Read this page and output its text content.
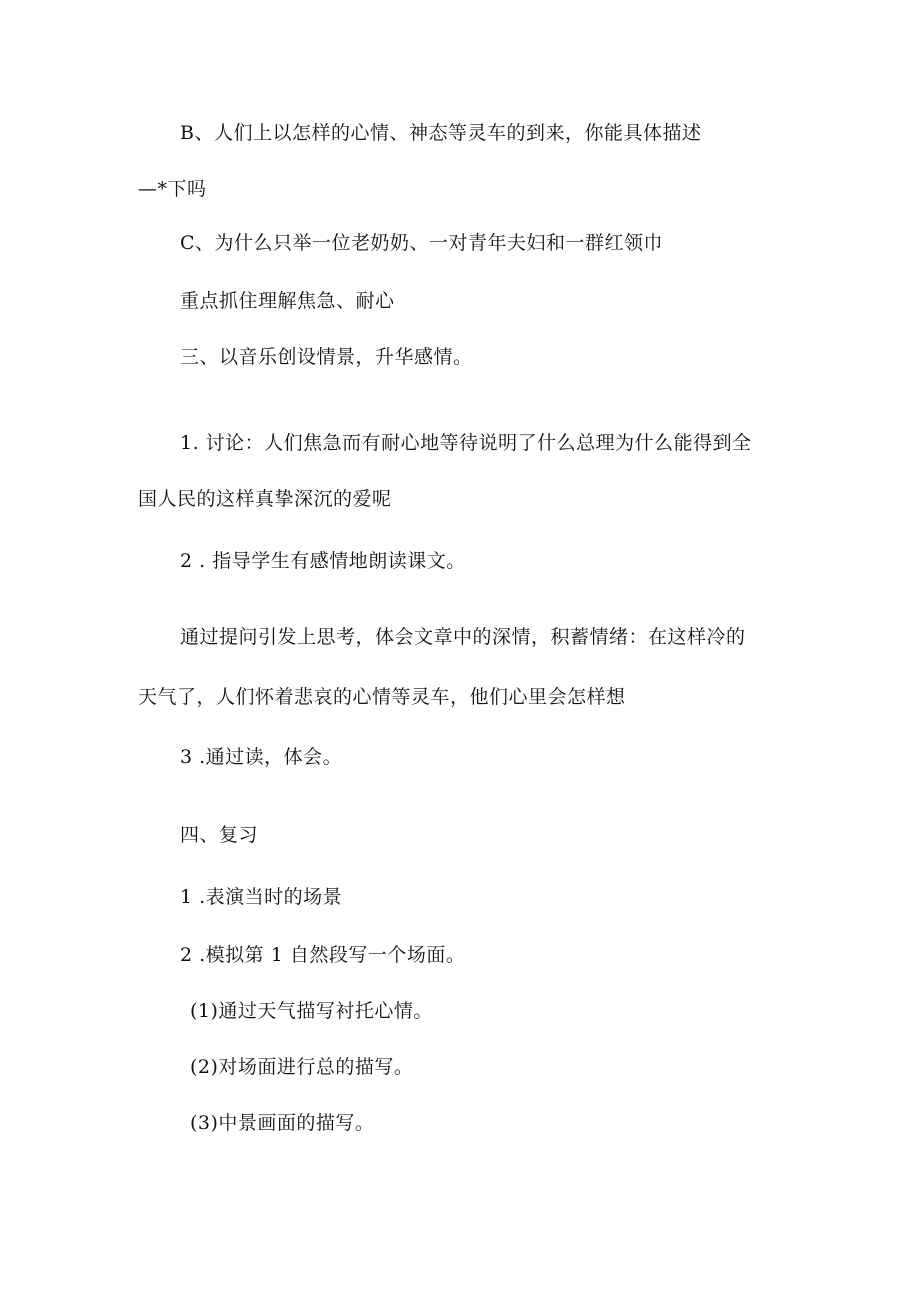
B、人们上以怎样的心情、神态等灵车的到来，你能具体描述
—*下吗
C、为什么只举一位老奶奶、一对青年夫妇和一群红领巾
重点抓住理解焦急、耐心
三、以音乐创设情景，升华感情。
1. 讨论：人们焦急而有耐心地等待说明了什么总理为什么能得到全
国人民的这样真挚深沉的爱呢
2 . 指导学生有感情地朗读课文。
通过提问引发上思考，体会文章中的深情，积蓄情绪：在这样冷的
天气了，人们怀着悲哀的心情等灵车，他们心里会怎样想
3 .通过读，体会。
四、复习
1 .表演当时的场景
2 .模拟第 1 自然段写一个场面。
(1)通过天气描写衬托心情。
(2)对场面进行总的描写。
(3)中景画面的描写。
